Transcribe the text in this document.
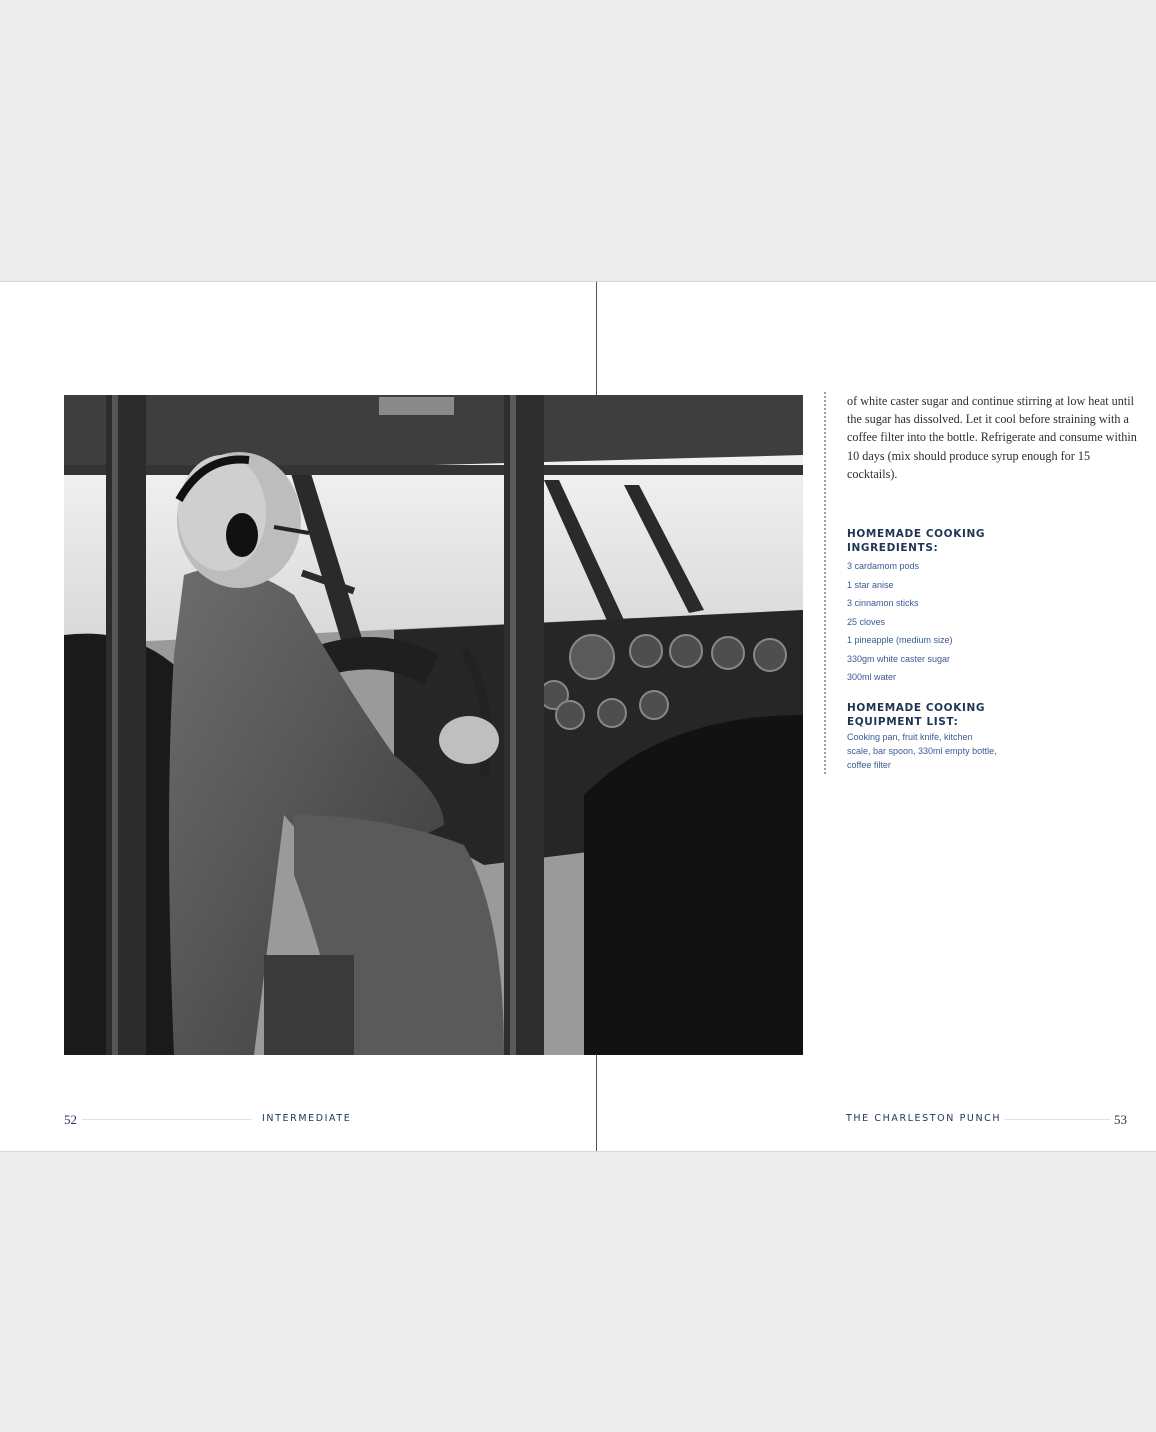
of white caster sugar and continue stirring at low heat until the sugar has dissolved. Let it cool before straining with a coffee filter into the bottle. Refrigerate and consume within 10 days (mix should produce syrup enough for 15 cocktails).

HOMEMADE COOKING INGREDIENTS:
3 cardamom pods
1 star anise
3 cinnamon sticks
25 cloves
1 pineapple (medium size)
330gm white caster sugar
300ml water
HOMEMADE COOKING EQUIPMENT LIST:
Cooking pan, fruit knife, kitchen scale, bar spoon, 330ml empty bottle, coffee filter
52	INTERMEDIATE	THE CHARLESTON PUNCH	53
